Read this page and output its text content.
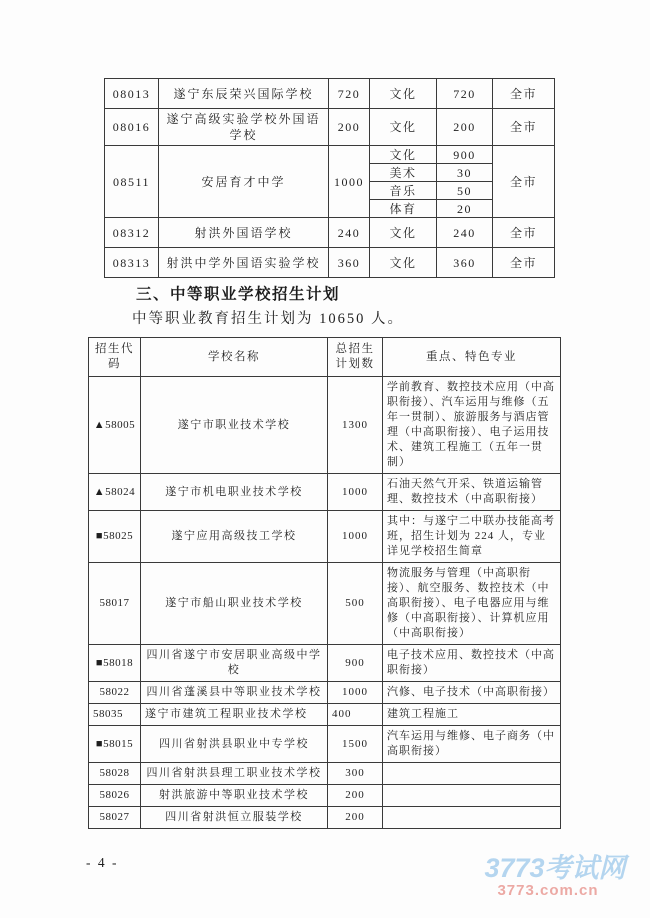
08013	遂宁东辰荣兴国际学校	720	文化	720	全市
08016	遂宁高级实验学校外国语学校	200	文化	200	全市
08511	安居育才中学	1000	文化	900	全市
			美术	30	
			音乐	50	
			体育	20	
08312	射洪外国语学校	240	文化	240	全市
08313	射洪中学外国语实验学校	360	文化	360	全市
三、中等职业学校招生计划

中等职业教育招生计划为 10650 人。

招生代码	学校名称	总招生计划数	重点、特色专业
▲58005	遂宁市职业技术学校	1300	学前教育、数控技术应用（中高职衔接）、汽车运用与维修（五年一贯制）、旅游服务与酒店管理（中高职衔接）、电子运用技术、建筑工程施工（五年一贯制）
▲58024	遂宁市机电职业技术学校	1000	石油天然气开采、铁道运输管理、数控技术（中高职衔接）
■58025	遂宁应用高级技工学校	1000	其中：与遂宁二中联办技能高考班，招生计划为 224 人，专业详见学校招生简章
58017	遂宁市船山职业技术学校	500	物流服务与管理（中高职衔接）、航空服务、数控技术（中高职衔接）、电子电器应用与维修（中高职衔接）、计算机应用（中高职衔接）
■58018	四川省遂宁市安居职业高级中学校	900	电子技术应用、数控技术（中高职衔接）
58022	四川省蓬溪县中等职业技术学校	1000	汽修、电子技术（中高职衔接）
58035	遂宁市建筑工程职业技术学校	400	建筑工程施工
■58015	四川省射洪县职业中专学校	1500	汽车运用与维修、电子商务（中高职衔接）
58028	四川省射洪县理工职业技术学校	300	
58026	射洪旅游中等职业技术学校	200	
58027	四川省射洪恒立服装学校	200	
- 4 -	3773考试网
3773.com.cn
